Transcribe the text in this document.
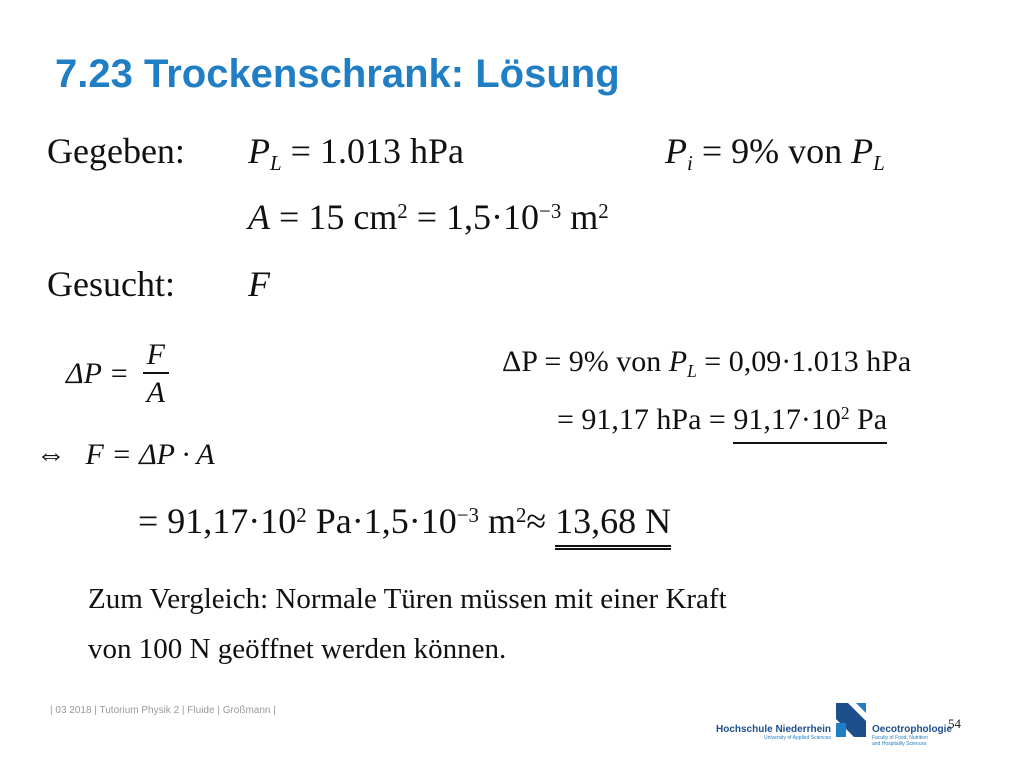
7.23 Trockenschrank: Lösung
Gegeben: $P_L = 1.013$ hPa	$P_i = 9\%$ von $P_L$
A = 15 $cm^2 = 1,5\cdot 10^{-3}$ $m^2$
Gesucht: F
$\Delta P = \frac{F}{A}$
⇔ F = ΔP · A
ΔP = 9% von $P_L = 0,09\cdot 1.013$ hPa
= 91,17 hPa = $91,17\cdot 10^2$ Pa
= $91,17\cdot 10^2$ $Pa\cdot 1,5\cdot 10^{-3}$ $m^2\approx 13,68$ N
Zum Vergleich: Normale Türen müssen mit einer Kraft
von 100 N geöffnet werden können.
| 03 2018 | Tutorium Physik 2 | Fluide | Großmann |
Hochschule Niederrhein
University of Applied Sciences
Oecotrophologie
Faculty of Food, Nutrition
and Hospitality Sciences
54
